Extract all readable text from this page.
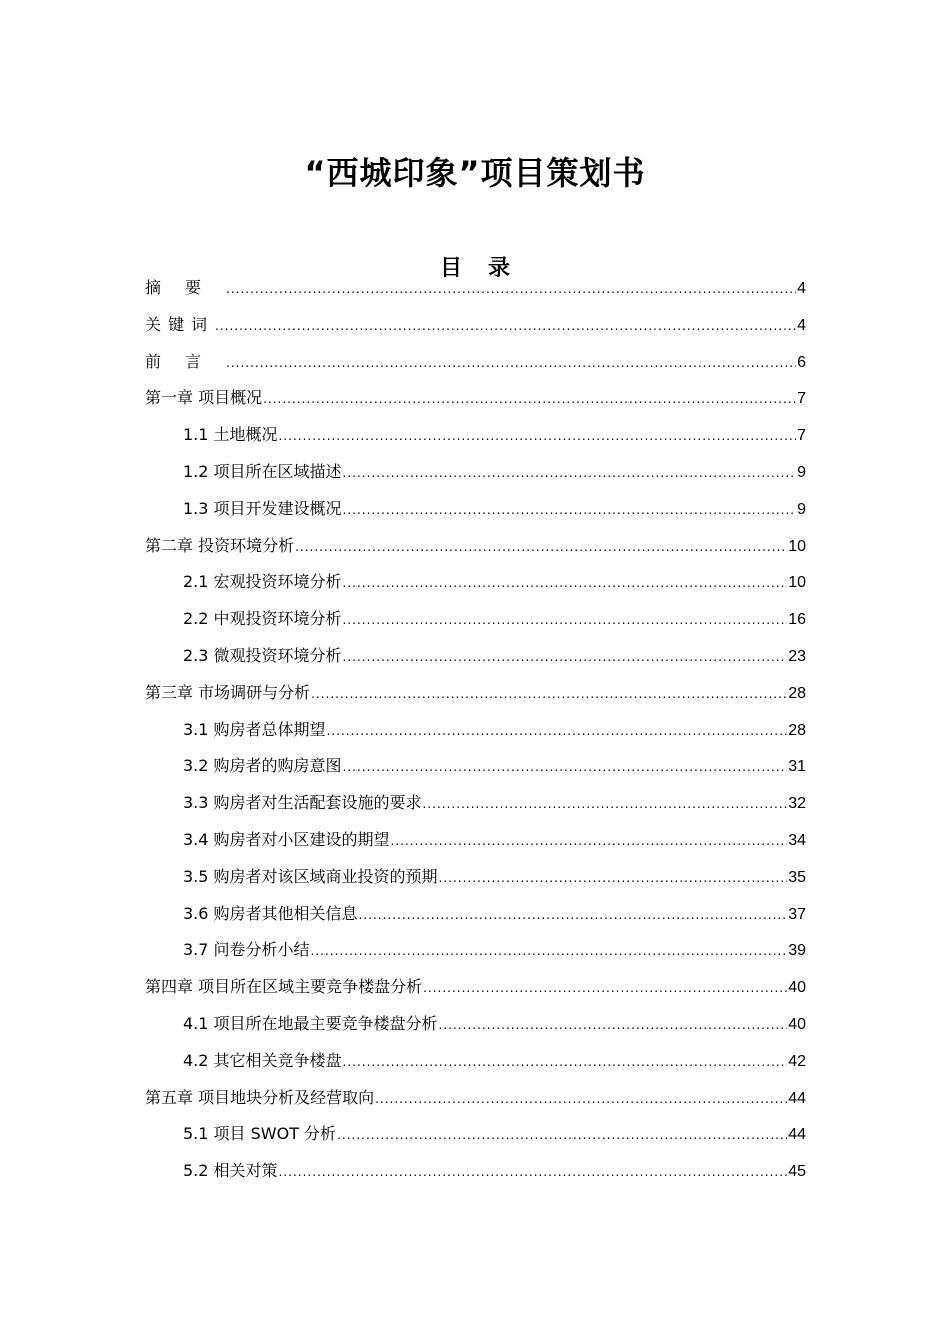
“西城印象”项目策划书
目录
摘要 .....	4
关键词 .....	4
前言 .....	6
第一章 项目概况 .....	7
1.1 土地概况 .....	7
1.2 项目所在区域描述 .....	9
1.3 项目开发建设概况 .....	9
第二章 投资环境分析 .....	10
2.1 宏观投资环境分析 .....	10
2.2 中观投资环境分析 .....	16
2.3 微观投资环境分析 .....	23
第三章 市场调研与分析 .....	28
3.1 购房者总体期望 .....	28
3.2 购房者的购房意图 .....	31
3.3 购房者对生活配套设施的要求 .....	32
3.4 购房者对小区建设的期望 .....	34
3.5 购房者对该区域商业投资的预期 .....	35
3.6 购房者其他相关信息 .....	37
3.7 问卷分析小结 .....	39
第四章 项目所在区域主要竞争楼盘分析 .....	40
4.1 项目所在地最主要竞争楼盘分析 .....	40
4.2 其它相关竞争楼盘 .....	42
第五章 项目地块分析及经营取向 .....	44
5.1 项目 SWOT 分析 .....	44
5.2 相关对策 .....	45
